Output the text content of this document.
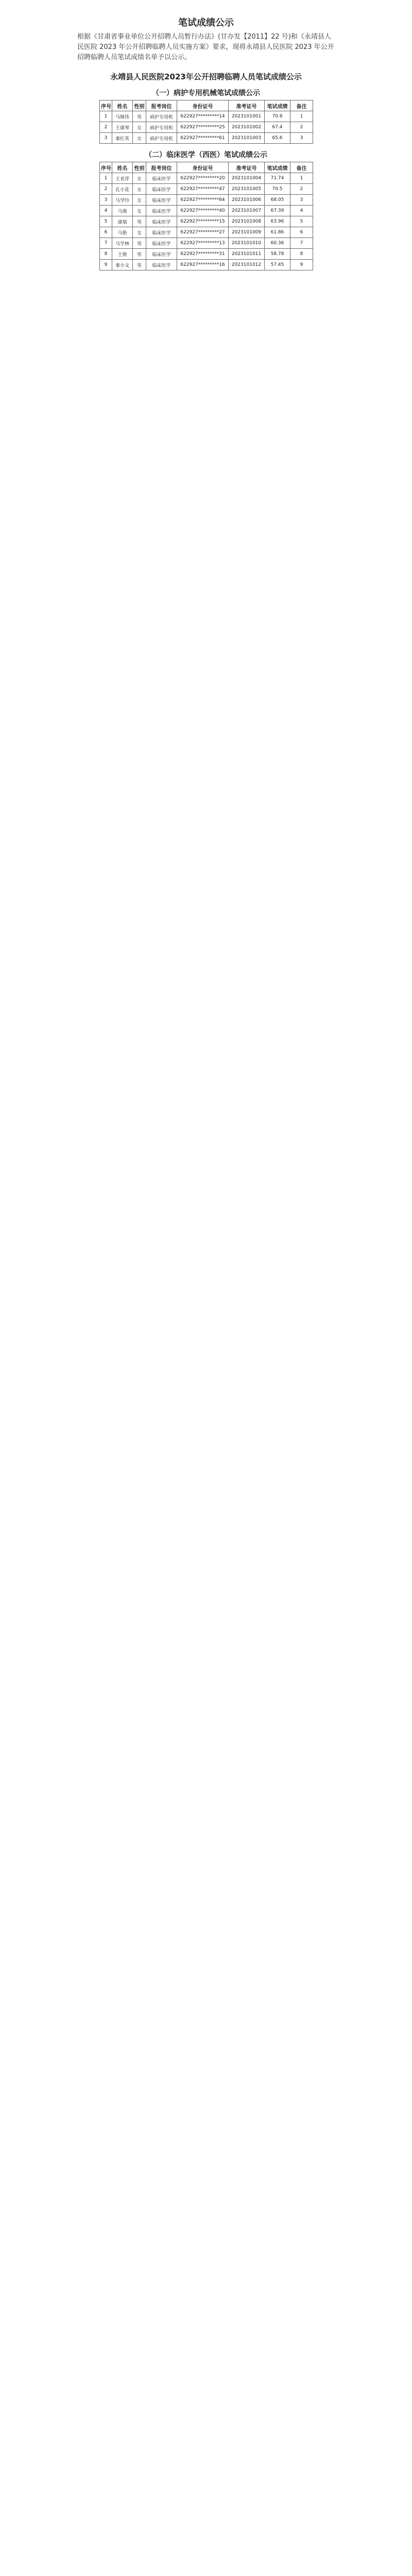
笔试成绩公示
根据《甘肃省事业单位公开招聘人员暂行办法》(甘办发【2011】22 号)和《永靖县人民医院 2023 年公开招聘临聘人员实施方案》要求，现将永靖县人民医院 2023 年公开招聘临聘人员笔试成绩名单予以公示。
永靖县人民医院2023年公开招聘临聘人员笔试成绩公示
（一）病护专用机械笔试成绩公示
序号	姓名	性别	报考岗位	身份证号	准考证号	笔试成绩	备注
1	马继伟	男	病护专用机	622927*********14	2023101001	70.8	1
2	王康琴	女	病护专用机	622927*********25	2023101002	67.4	2
3	秦红英	女	病护专用机	622927*********61	2023101003	65.6	3
（二）临床医学（西医）笔试成绩公示
序号	姓名	性别	报考岗位	身份证号	准考证号	笔试成绩	备注
1	王亚萍	女	临床医学	622927*********20	2023101004	71.74	1
2	孔小花	女	临床医学	622927*********47	2023101005	70.5	2
3	马学玲	女	临床医学	622927*********64	2023101006	68.05	3
4	马燕	女	临床医学	622927*********40	2023101007	67.39	4
5	康瑞	男	临床医学	622927*********15	2023101008	63.96	5
6	马艳	女	临床医学	622927*********27	2023101009	61.86	6
7	马学林	男	临床医学	622927*********13	2023101010	60.36	7
8	王俊	男	临床医学	622927*********31	2023101011	58.78	8
9	秦小文	男	临床医学	622927*********16	2023101012	57.45	9
